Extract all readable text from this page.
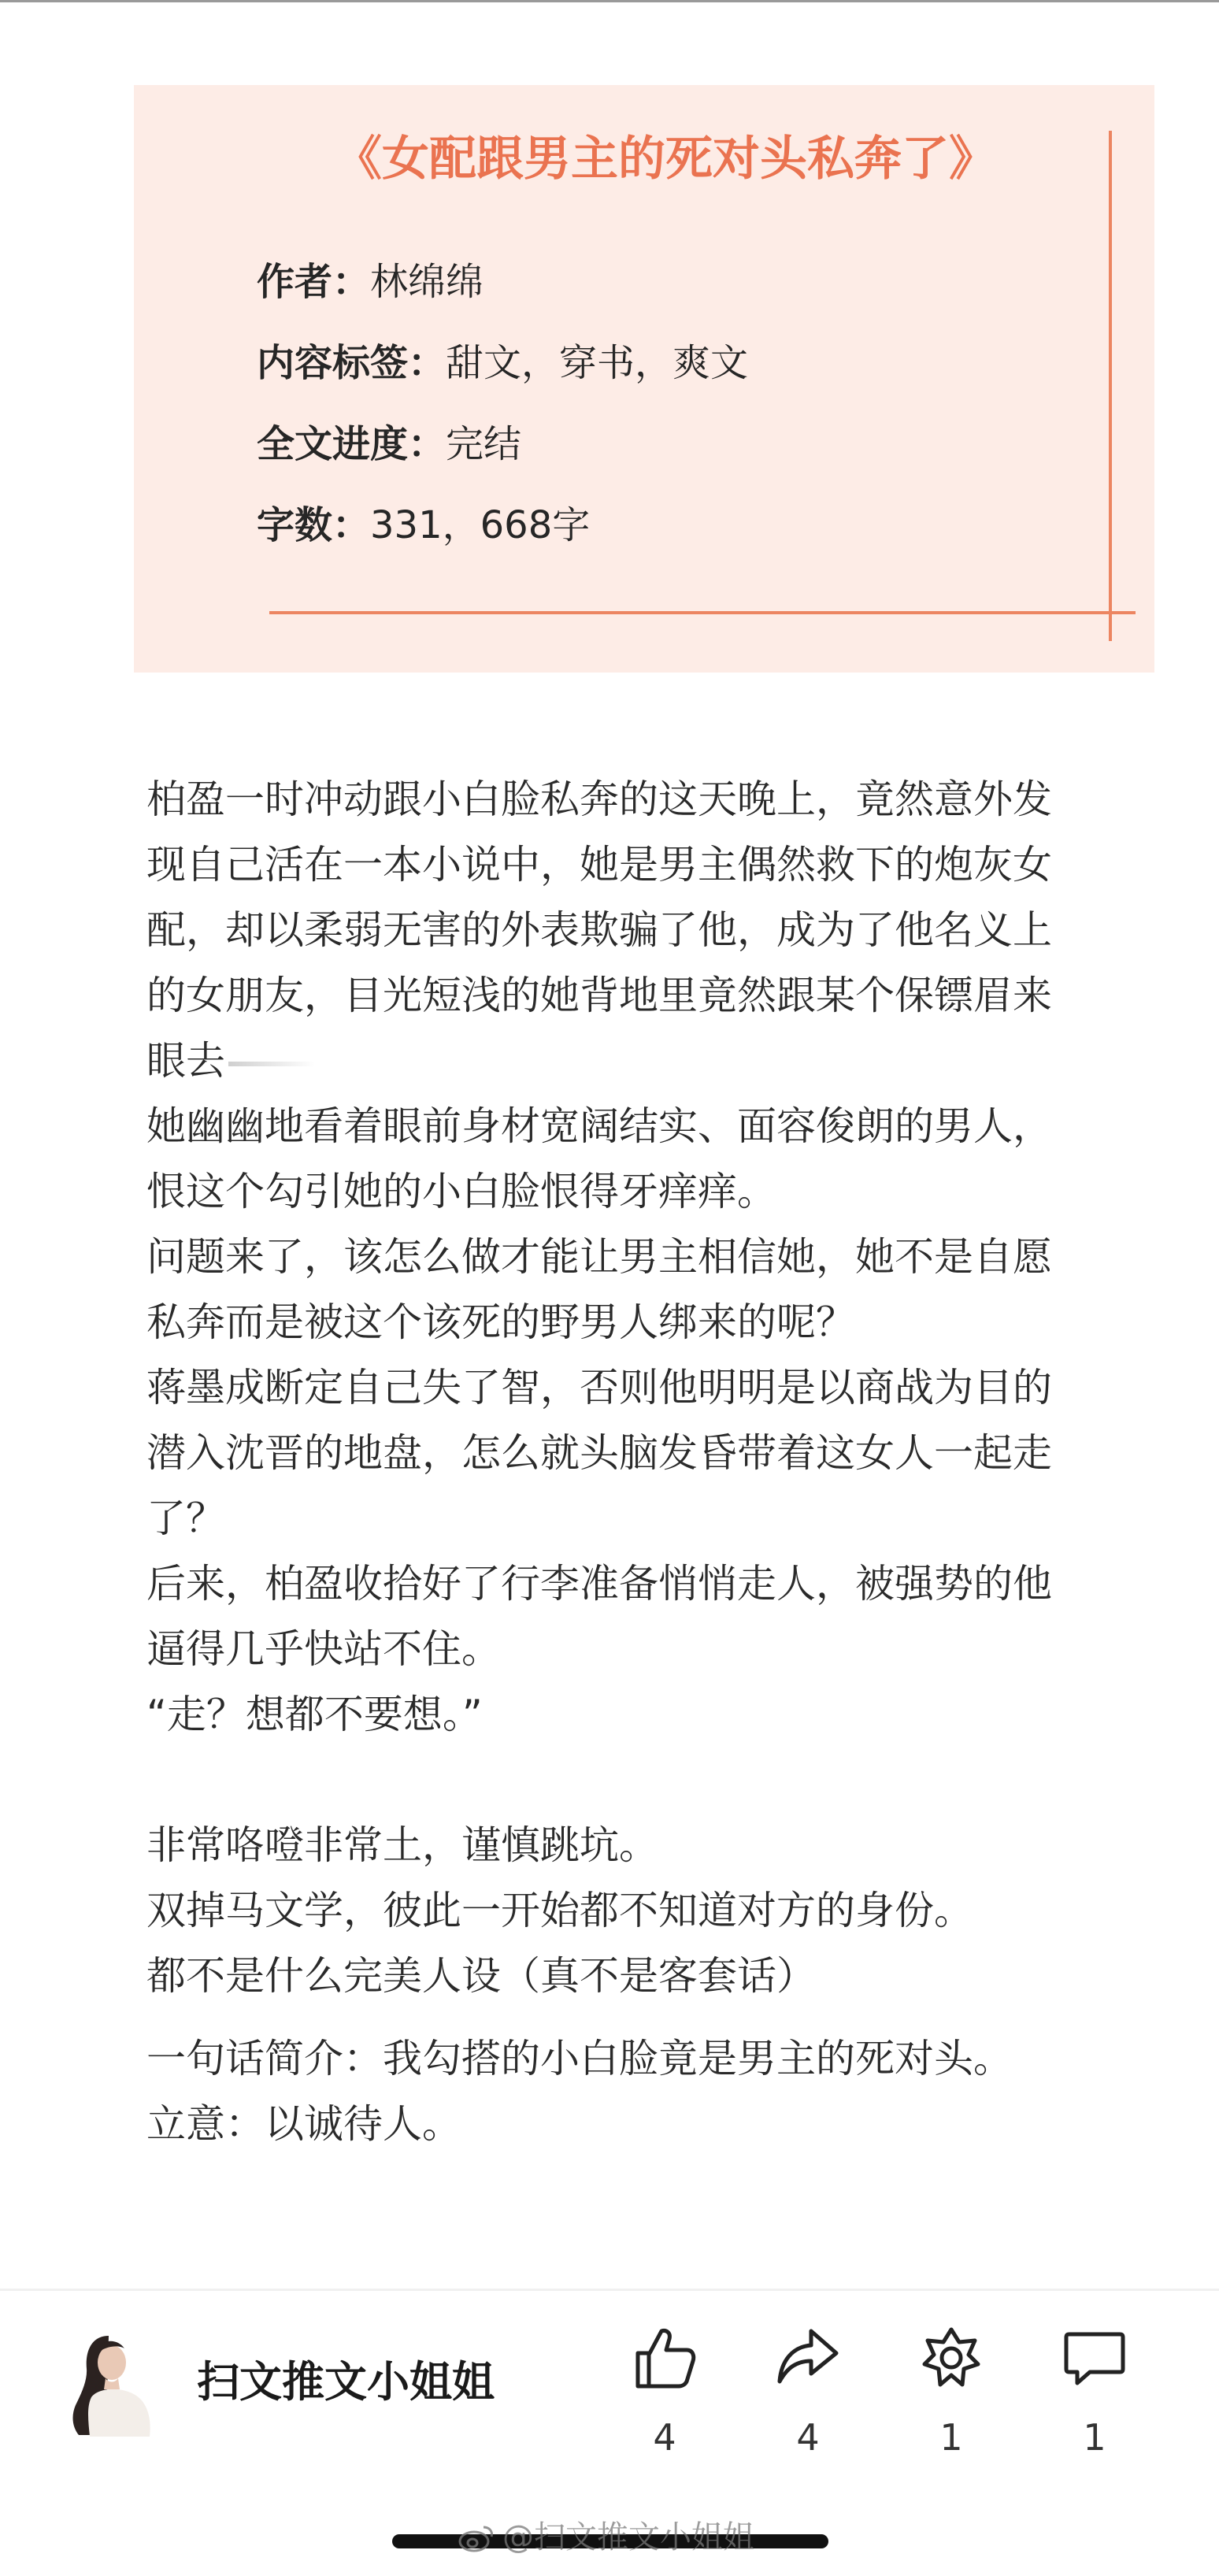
《女配跟男主的死对头私奔了》
作者：林绵绵
内容标签：甜文，穿书，爽文
全文进度：完结
字数：331，668字

柏盈一时冲动跟小白脸私奔的这天晚上，竟然意外发现自己活在一本小说中，她是男主偶然救下的炮灰女配，却以柔弱无害的外表欺骗了他，成为了他名义上的女朋友，目光短浅的她背地里竟然跟某个保镖眉来眼去

她幽幽地看着眼前身材宽阔结实、面容俊朗的男人，恨这个勾引她的小白脸恨得牙痒痒。

问题来了，该怎么做才能让男主相信她，她不是自愿私奔而是被这个该死的野男人绑来的呢？

蒋墨成断定自己失了智，否则他明明是以商战为目的潜入沈晋的地盘，怎么就头脑发昏带着这女人一起走了？

后来，柏盈收拾好了行李准备悄悄走人，被强势的他逼得几乎快站不住。

“走？想都不要想。”

非常咯噔非常土，谨慎跳坑。

双掉马文学，彼此一开始都不知道对方的身份。

都不是什么完美人设（真不是客套话）

一句话简介：我勾搭的小白脸竟是男主的死对头。

立意：以诚待人。

扫文推文小姐姐
4	4	1	1
@扫文推文小姐姐
